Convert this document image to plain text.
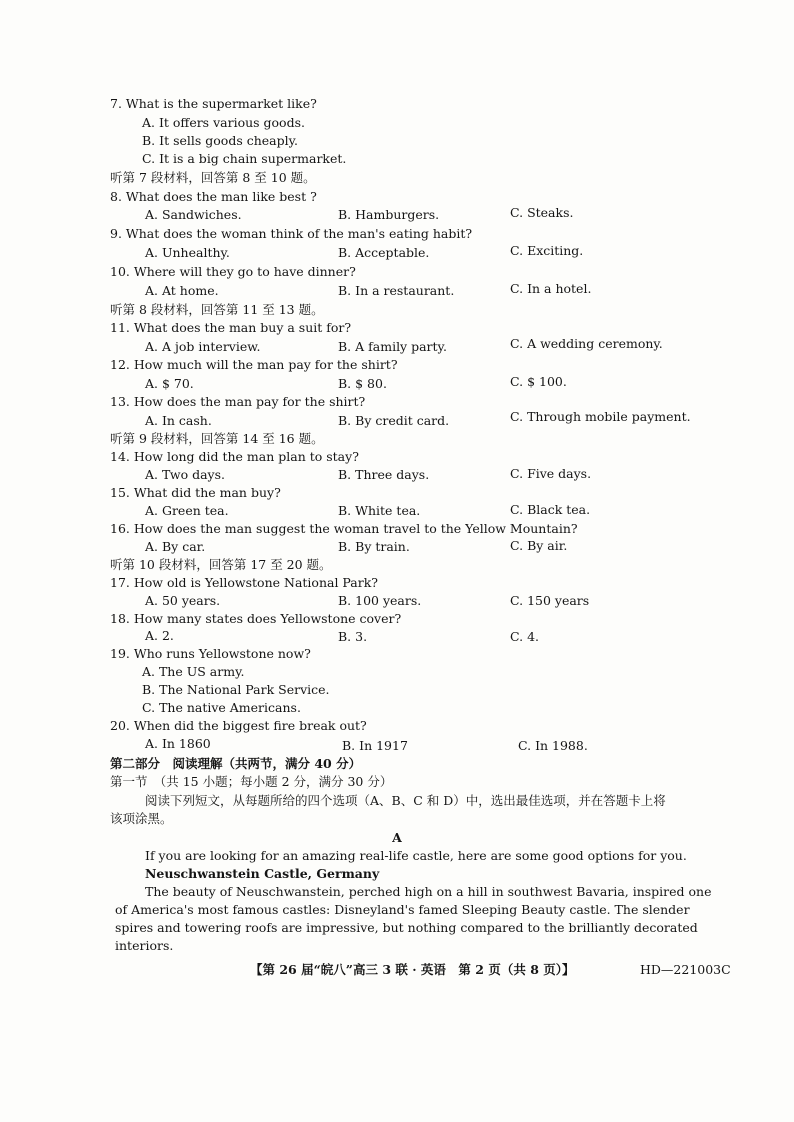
7. What is the supermarket like?
A. It offers various goods.
B. It sells goods cheaply.
C. It is a big chain supermarket.
听第 7 段材料，回答第 8 至 10 题。
8. What does the man like best ?
A. Sandwiches.	B. Hamburgers.	C. Steaks.
9. What does the woman think of the man's eating habit?
A. Unhealthy.	B. Acceptable.	C. Exciting.
10. Where will they go to have dinner?
A. At home.	B. In a restaurant.	C. In a hotel.
听第 8 段材料，回答第 11 至 13 题。
11. What does the man buy a suit for?
A. A job interview.	B. A family party.	C. A wedding ceremony.
12. How much will the man pay for the shirt?
A. $ 70.	B. $ 80.	C. $ 100.
13. How does the man pay for the shirt?
A. In cash.	B. By credit card.	C. Through mobile payment.
听第 9 段材料，回答第 14 至 16 题。
14. How long did the man plan to stay?
A. Two days.	B. Three days.	C. Five days.
15. What did the man buy?
A. Green tea.	B. White tea.	C. Black tea.
16. How does the man suggest the woman travel to the Yellow Mountain?
A. By car.	B. By train.	C. By air.
听第 10 段材料，回答第 17 至 20 题。
17. How old is Yellowstone National Park?
A. 50 years.	B. 100 years.	C. 150 years
18. How many states does Yellowstone cover?
A. 2.	B. 3.	C. 4.
19. Who runs Yellowstone now?
A. The US army.
B. The National Park Service.
C. The native Americans.
20. When did the biggest fire break out?
A. In 1860	B. In 1917	C. In 1988.
第二部分　阅读理解（共两节，满分 40 分）
第一节　（共 15 小题；每小题 2 分，满分 30 分）
阅读下列短文，从每题所给的四个选项（A、B、C 和 D）中，选出最佳选项，并在答题卡上将
该项涂黑。
A
If you are looking for an amazing real-life castle, here are some good options for you.
Neuschwanstein Castle, Germany
The beauty of Neuschwanstein, perched high on a hill in southwest Bavaria, inspired one
of America's most famous castles: Disneyland's famed Sleeping Beauty castle. The slender
spires and towering roofs are impressive, but nothing compared to the brilliantly decorated
interiors.
【第 26 届“皖八”高三 3 联 · 英语　第 2 页（共 8 页）】	HD—221003C
